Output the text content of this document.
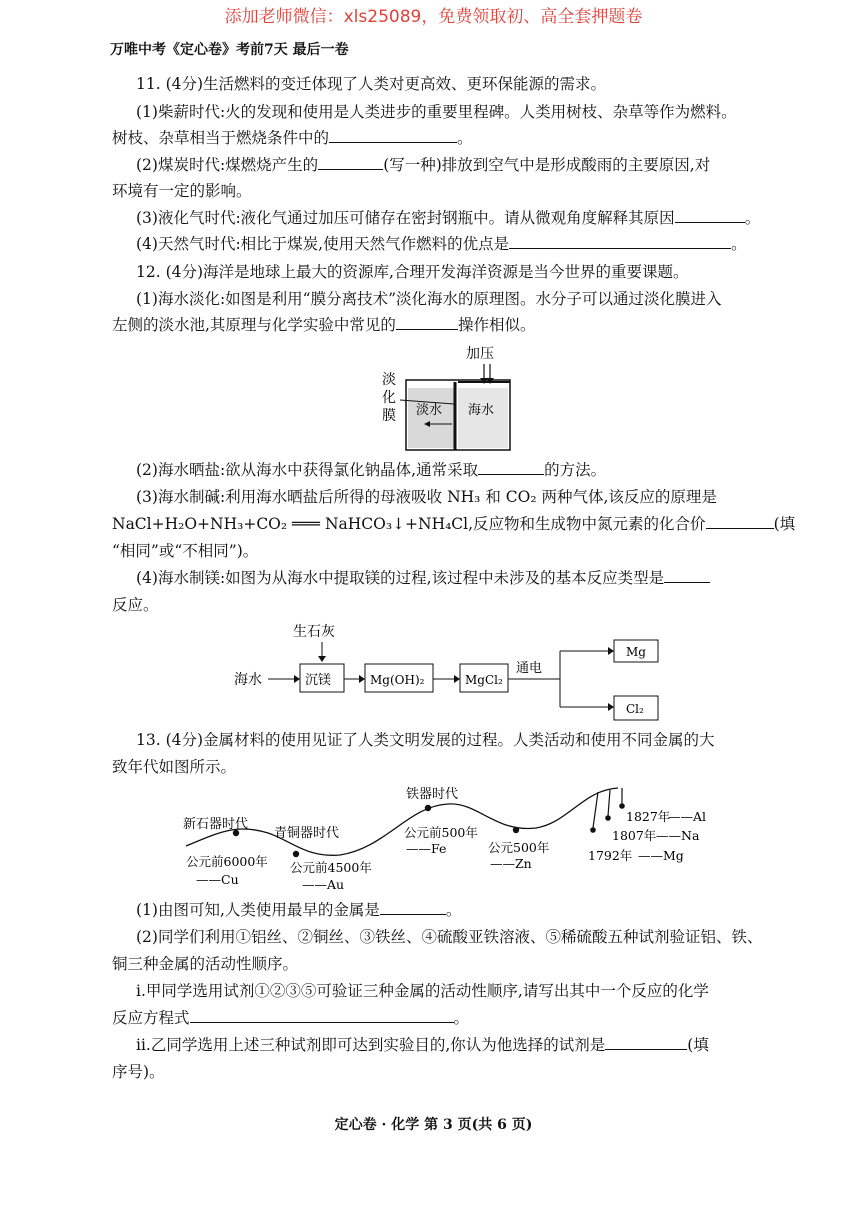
添加老师微信：xls25089，免费领取初、高全套押题卷
万唯中考《定心卷》考前7天 最后一卷
11. (4分)生活燃料的变迁体现了人类对更高效、更环保能源的需求。
(1)柴薪时代:火的发现和使用是人类进步的重要里程碑。人类用树枝、杂草等作为燃料。
树枝、杂草相当于燃烧条件中的	。
(2)煤炭时代:煤燃烧产生的	(写一种)排放到空气中是形成酸雨的主要原因,对
环境有一定的影响。
(3)液化气时代:液化气通过加压可储存在密封钢瓶中。请从微观角度解释其原因	。
(4)天然气时代:相比于煤炭,使用天然气作燃料的优点是	。
12. (4分)海洋是地球上最大的资源库,合理开发海洋资源是当今世界的重要课题。
(1)海水淡化:如图是利用“膜分离技术”淡化海水的原理图。水分子可以通过淡化膜进入
左侧的淡水池,其原理与化学实验中常见的	操作相似。
加压
淡
化
膜 淡水 海水
(2)海水晒盐:欲从海水中获得氯化钠晶体,通常采取	的方法。
(3)海水制碱:利用海水晒盐后所得的母液吸收 NH₃ 和 CO₂ 两种气体,该反应的原理是
NaCl+H₂O+NH₃+CO₂ ═══ NaHCO₃↓+NH₄Cl,反应物和生成物中氮元素的化合价	(填
“相同”或“不相同”)。
(4)海水制镁:如图为从海水中提取镁的过程,该过程中未涉及的基本反应类型是
反应。
生石灰
海水	沉镁	Mg(OH)₂	MgCl₂
通电
Mg
Cl₂
13. (4分)金属材料的使用见证了人类文明发展的过程。人类活动和使用不同金属的大
致年代如图所示。
新石器时代
青铜器时代
铁器时代
公元前6000年
——Cu
公元前4500年
——Au
公元前500年
——Fe	公元500年
——Zn
1827年
——Al
1807年 ——Na
1792年 ——Mg
(1)由图可知,人类使用最早的金属是	。
(2)同学们利用①铝丝、②铜丝、③铁丝、④硫酸亚铁溶液、⑤稀硫酸五种试剂验证铝、铁、
铜三种金属的活动性顺序。
ⅰ.甲同学选用试剂①②③⑤可验证三种金属的活动性顺序,请写出其中一个反应的化学
反应方程式	。
ⅱ.乙同学选用上述三种试剂即可达到实验目的,你认为他选择的试剂是	(填
序号)。
定心卷 · 化学 第 3 页(共 6 页)
